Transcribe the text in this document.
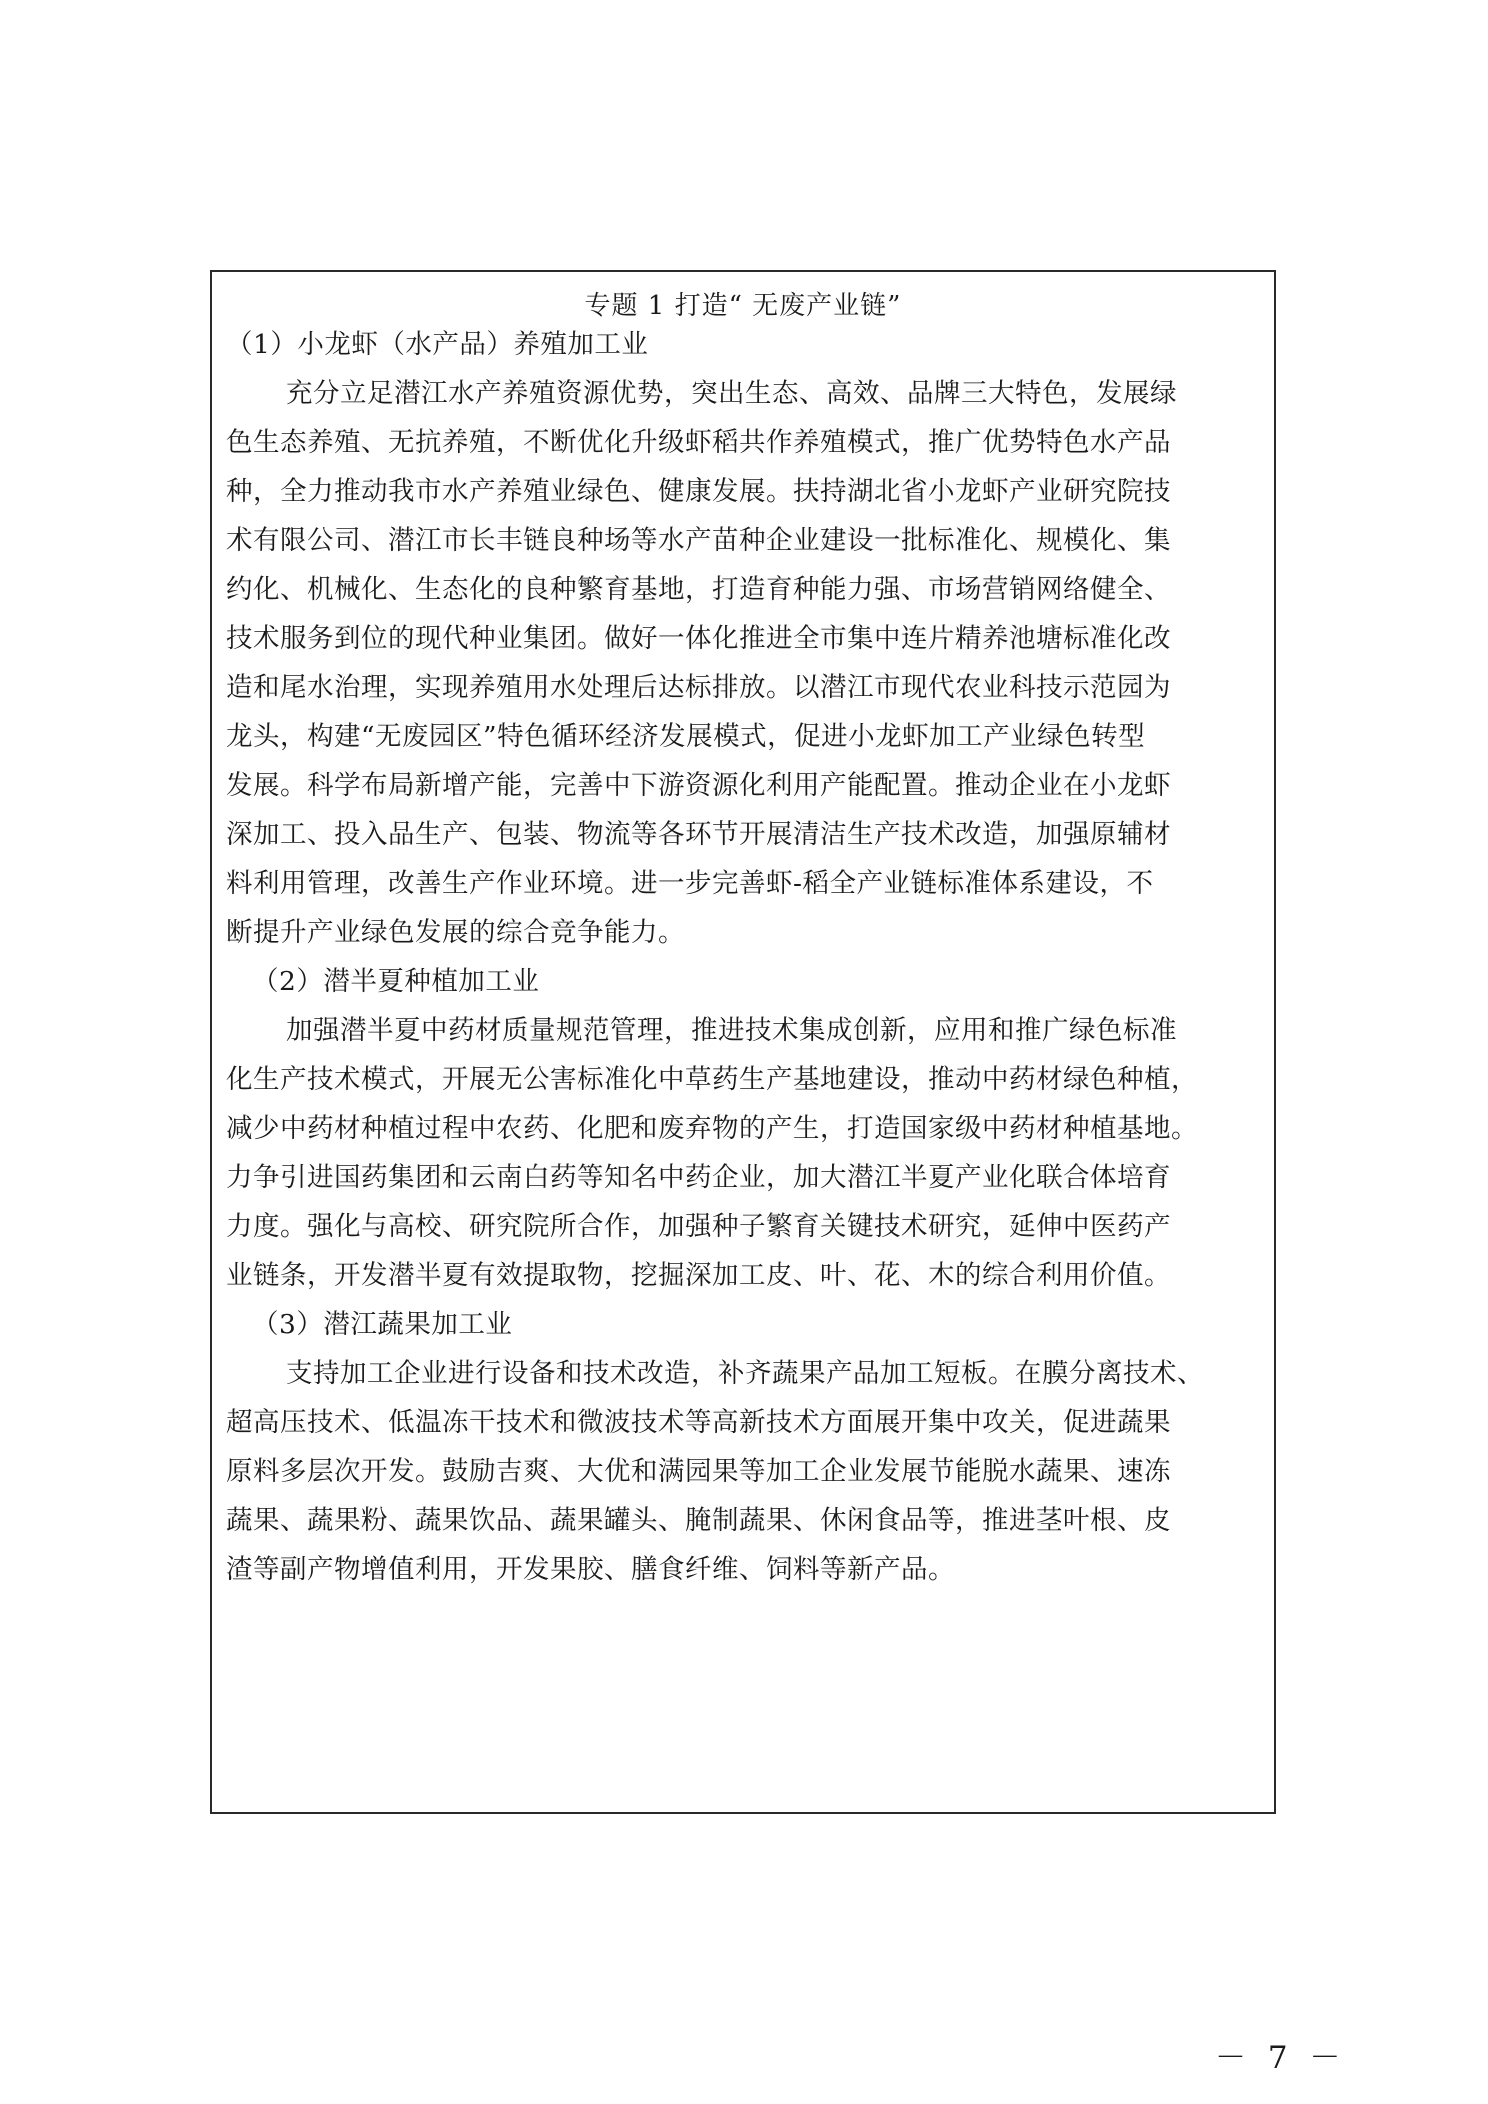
专题 1 打造“ 无废产业链”
（1）小龙虾（水产品）养殖加工业
充分立足潜江水产养殖资源优势，突出生态、高效、品牌三大特色，发展绿
色生态养殖、无抗养殖，不断优化升级虾稻共作养殖模式，推广优势特色水产品
种，全力推动我市水产养殖业绿色、健康发展。扶持湖北省小龙虾产业研究院技
术有限公司、潜江市长丰链良种场等水产苗种企业建设一批标准化、规模化、集
约化、机械化、生态化的良种繁育基地，打造育种能力强、市场营销网络健全、
技术服务到位的现代种业集团。做好一体化推进全市集中连片精养池塘标准化改
造和尾水治理，实现养殖用水处理后达标排放。以潜江市现代农业科技示范园为
龙头，构建“无废园区”特色循环经济发展模式，促进小龙虾加工产业绿色转型
发展。科学布局新增产能，完善中下游资源化利用产能配置。推动企业在小龙虾
深加工、投入品生产、包装、物流等各环节开展清洁生产技术改造，加强原辅材
料利用管理，改善生产作业环境。进一步完善虾-稻全产业链标准体系建设，不
断提升产业绿色发展的综合竞争能力。
（2）潜半夏种植加工业
加强潜半夏中药材质量规范管理，推进技术集成创新，应用和推广绿色标准
化生产技术模式，开展无公害标准化中草药生产基地建设，推动中药材绿色种植，
减少中药材种植过程中农药、化肥和废弃物的产生，打造国家级中药材种植基地。
力争引进国药集团和云南白药等知名中药企业，加大潜江半夏产业化联合体培育
力度。强化与高校、研究院所合作，加强种子繁育关键技术研究，延伸中医药产
业链条，开发潜半夏有效提取物，挖掘深加工皮、叶、花、木的综合利用价值。
（3）潜江蔬果加工业
支持加工企业进行设备和技术改造，补齐蔬果产品加工短板。在膜分离技术、
超高压技术、低温冻干技术和微波技术等高新技术方面展开集中攻关，促进蔬果
原料多层次开发。鼓励吉爽、大优和满园果等加工企业发展节能脱水蔬果、速冻
蔬果、蔬果粉、蔬果饮品、蔬果罐头、腌制蔬果、休闲食品等，推进茎叶根、皮
渣等副产物增值利用，开发果胶、膳食纤维、饲料等新产品。
－ 7 －
